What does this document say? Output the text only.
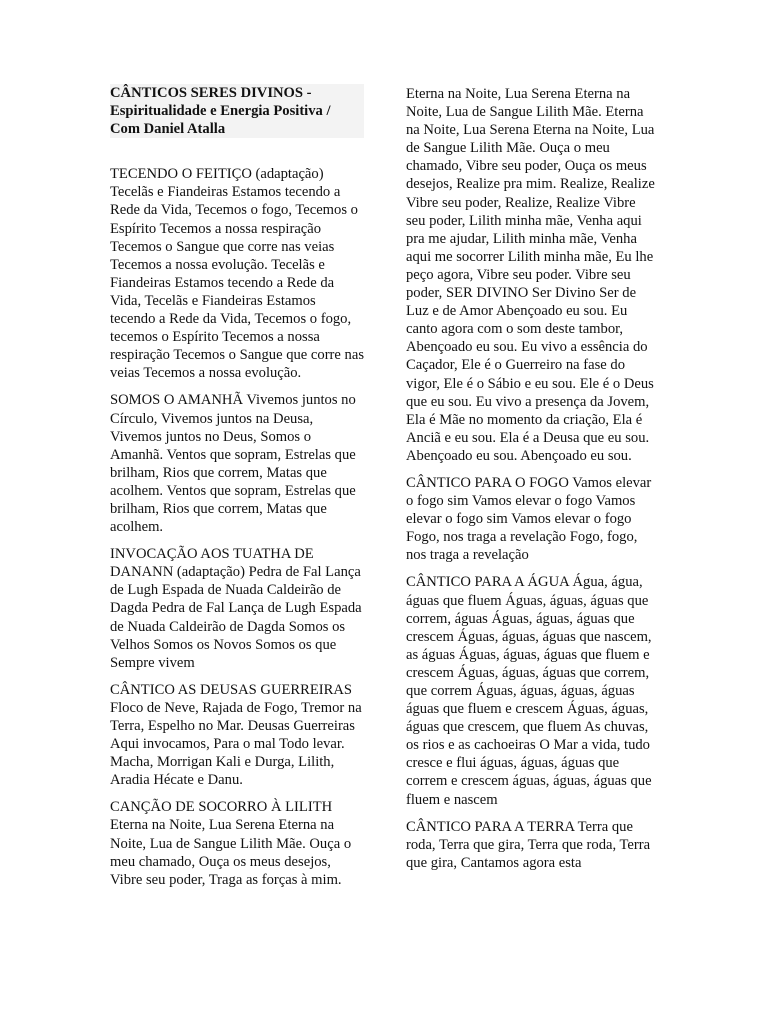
CÂNTICOS SERES DIVINOS - Espiritualidade e Energia Positiva / Com Daniel Atalla

TECENDO O FEITIÇO (adaptação) Tecelãs e Fiandeiras Estamos tecendo a Rede da Vida, Tecemos o fogo, Tecemos o Espírito Tecemos a nossa respiração Tecemos o Sangue que corre nas veias Tecemos a nossa evolução. Tecelãs e Fiandeiras Estamos tecendo a Rede da Vida, Tecelãs e Fiandeiras Estamos tecendo a Rede da Vida, Tecemos o fogo, tecemos o Espírito Tecemos a nossa respiração Tecemos o Sangue que corre nas veias Tecemos a nossa evolução.

SOMOS O AMANHÃ Vivemos juntos no Círculo, Vivemos juntos na Deusa, Vivemos juntos no Deus, Somos o Amanhã. Ventos que sopram, Estrelas que brilham, Rios que correm, Matas que acolhem. Ventos que sopram, Estrelas que brilham, Rios que correm, Matas que acolhem.

INVOCAÇÃO AOS TUATHA DE DANANN (adaptação) Pedra de Fal Lança de Lugh Espada de Nuada Caldeirão de Dagda Pedra de Fal Lança de Lugh Espada de Nuada Caldeirão de Dagda Somos os Velhos Somos os Novos Somos os que Sempre vivem

CÂNTICO AS DEUSAS GUERREIRAS Floco de Neve, Rajada de Fogo, Tremor na Terra, Espelho no Mar. Deusas Guerreiras Aqui invocamos, Para o mal Todo levar. Macha, Morrigan Kali e Durga, Lilith, Aradia Hécate e Danu.

CANÇÃO DE SOCORRO À LILITH Eterna na Noite, Lua Serena Eterna na Noite, Lua de Sangue Lilith Mãe. Ouça o meu chamado, Ouça os meus desejos, Vibre seu poder, Traga as forças à mim.

Eterna na Noite, Lua Serena Eterna na Noite, Lua de Sangue Lilith Mãe. Eterna na Noite, Lua Serena Eterna na Noite, Lua de Sangue Lilith Mãe. Ouça o meu chamado, Vibre seu poder, Ouça os meus desejos, Realize pra mim. Realize, Realize Vibre seu poder, Realize, Realize Vibre seu poder, Lilith minha mãe, Venha aqui pra me ajudar, Lilith minha mãe, Venha aqui me socorrer Lilith minha mãe, Eu lhe peço agora, Vibre seu poder. Vibre seu poder, SER DIVINO Ser Divino Ser de Luz e de Amor Abençoado eu sou. Eu canto agora com o som deste tambor, Abençoado eu sou. Eu vivo a essência do Caçador, Ele é o Guerreiro na fase do vigor, Ele é o Sábio e eu sou. Ele é o Deus que eu sou. Eu vivo a presença da Jovem, Ela é Mãe no momento da criação, Ela é Anciã e eu sou. Ela é a Deusa que eu sou. Abençoado eu sou. Abençoado eu sou.

CÂNTICO PARA O FOGO Vamos elevar o fogo sim Vamos elevar o fogo Vamos elevar o fogo sim Vamos elevar o fogo Fogo, nos traga a revelação Fogo, fogo, nos traga a revelação

CÂNTICO PARA A ÁGUA Água, água, águas que fluem Águas, águas, águas que correm, águas Águas, águas, águas que crescem Águas, águas, águas que nascem, as águas Águas, águas, águas que fluem e crescem Águas, águas, águas que correm, que correm Águas, águas, águas, águas águas que fluem e crescem Águas, águas, águas que crescem, que fluem As chuvas, os rios e as cachoeiras O Mar a vida, tudo cresce e flui águas, águas, águas que correm e crescem águas, águas, águas que fluem e nascem

CÂNTICO PARA A TERRA Terra que roda, Terra que gira, Terra que roda, Terra que gira, Cantamos agora esta
